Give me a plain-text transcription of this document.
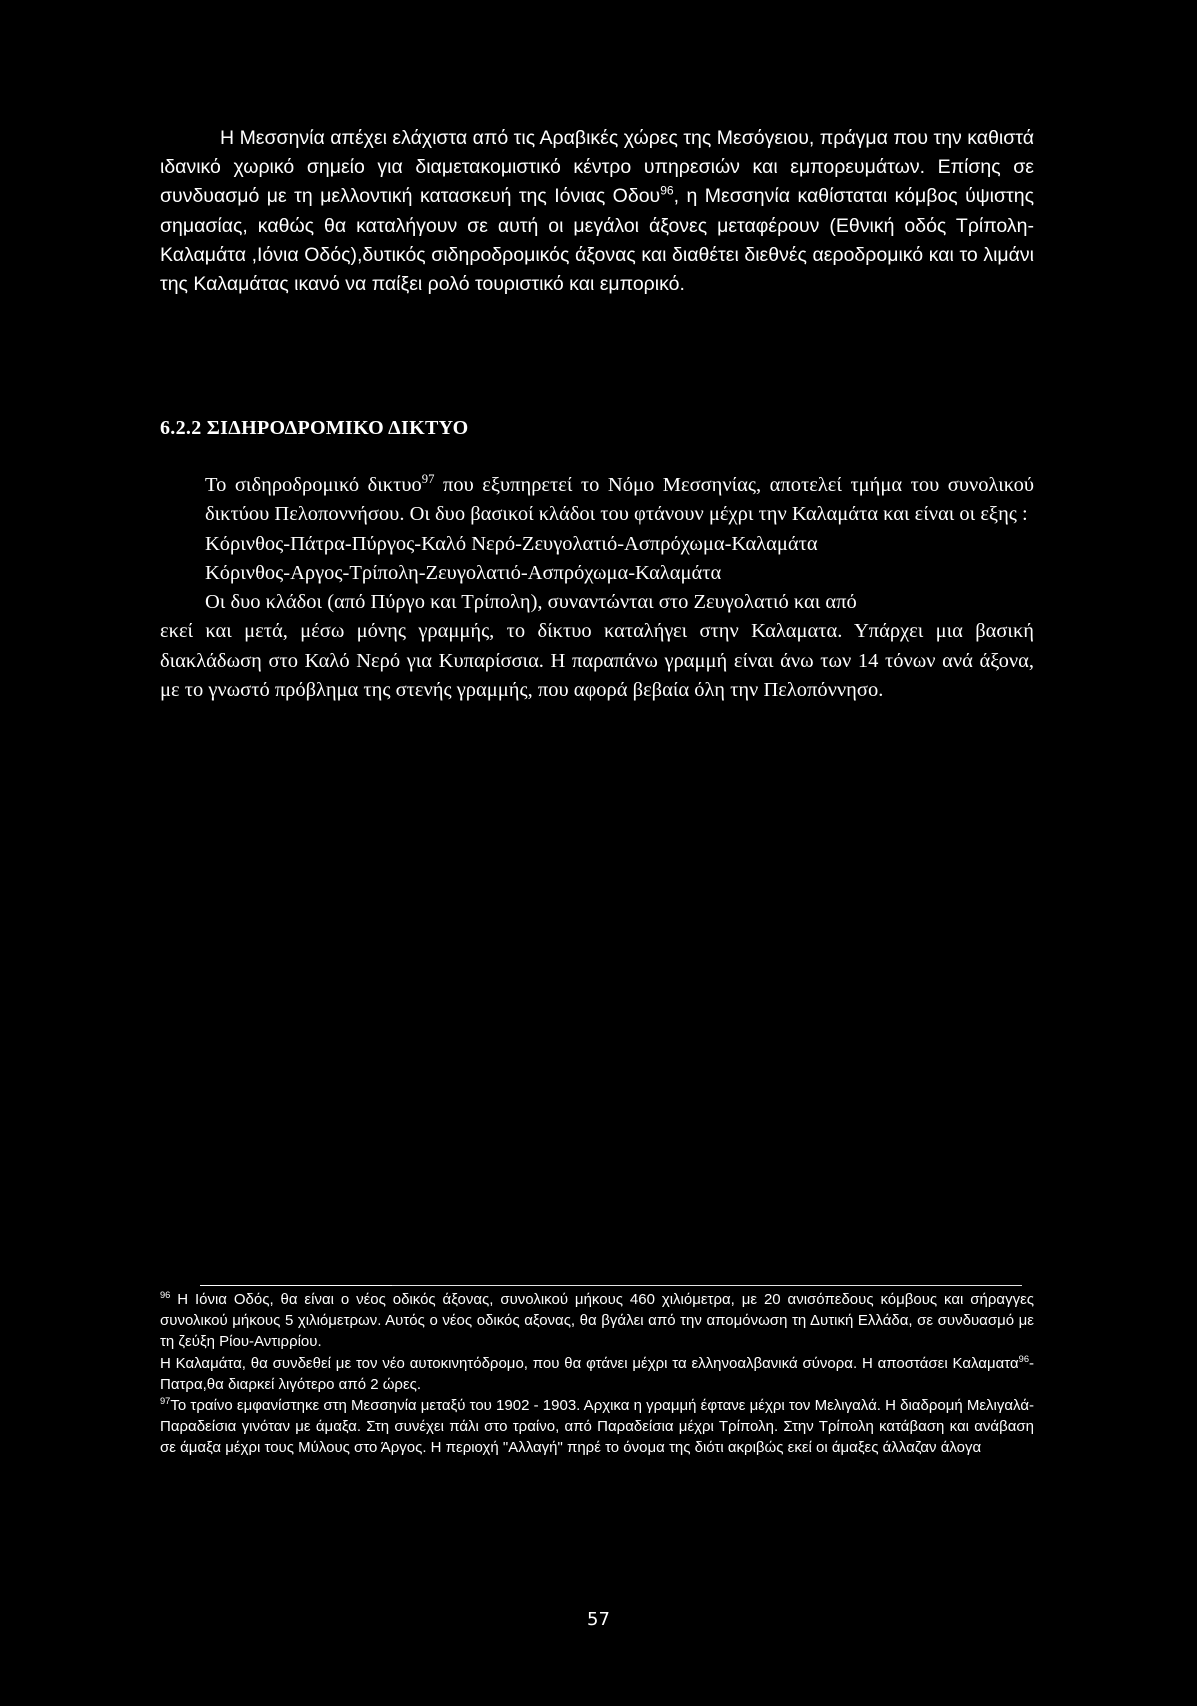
Η Μεσσηνία απέχει ελάχιστα από τις Αραβικές χώρες της Μεσόγειου, πράγμα που την καθιστά ιδανικό χωρικό σημείο για διαμετακομιστικό κέντρο υπηρεσιών και εμπορευμάτων. Επίσης σε συνδυασμό με τη μελλοντική κατασκευή της Ιόνιας Οδου$^{96}$, η Μεσσηνία καθίσταται κόμβος ύψιστης σημασίας, καθώς θα καταλήγουν σε αυτή οι μεγάλοι άξονες μεταφέρουν (Εθνική οδός Τρίπολη-Καλαμάτα ,Ιόνια Οδός),δυτικός σιδηροδρομικός άξονας και διαθέτει διεθνές αεροδρομικό και το λιμάνι της Καλαμάτας ικανό να παίξει ρολό τουριστικό και εμπορικό.
6.2.2 ΣΙΔΗΡΟΔΡΟΜΙΚΟ ΔΙΚΤΥΟ

Το σιδηροδρομικό δικτυο$^{97}$ που εξυπηρετεί το Νόμο Μεσσηνίας, αποτελεί τμήμα του συνολικού δικτύου Πελοποννήσου. Οι δυο βασικοί κλάδοι του φτάνουν μέχρι την Καλαμάτα και είναι οι εξης :

Κόρινθος-Πάτρα-Πύργος-Καλό Νερό-Ζευγολατιό-Ασπρόχωμα-Καλαμάτα

Κόρινθος-Αργος-Τρίπολη-Ζευγολατιό-Ασπρόχωμα-Καλαμάτα

Οι δυο κλάδοι (από Πύργο και Τρίπολη), συναντώνται στο Ζευγολατιό και από

εκεί και μετά, μέσω μόνης γραμμής, το δίκτυο καταλήγει στην Καλαματα. Υπάρχει μια βασική διακλάδωση στο Καλό Νερό για Κυπαρίσσια. Η παραπάνω γραμμή είναι άνω των 14 τόνων ανά άξονα, με το γνωστό πρόβλημα της στενής γραμμής, που αφορά βεβαία όλη την Πελοπόννησο.

$^{96}$ Η Ιόνια Οδός, θα είναι ο νέος οδικός άξονας, συνολικού μήκους 460 χιλιόμετρα, με 20 ανισόπεδους κόμβους και σήραγγες συνολικού μήκους 5 χιλιόμετρων. Αυτός ο νέος οδικός αξονας, θα βγάλει από την απομόνωση τη Δυτική Ελλάδα, σε συνδυασμό με τη ζεύξη Ρίου-Αντιρρίου.

Η Καλαμάτα, θα συνδεθεί με τον νέο αυτοκινητόδρομο, που θα φτάνει μέχρι τα ελληνοαλβανικά σύνορα. Η αποστάσει Καλαματα$^{96}$-Πατρα,θα διαρκεί λιγότερο από 2 ώρες.

$^{97}$Το τραίνο εμφανίστηκε στη Μεσσηνία μεταξύ του 1902 - 1903. Αρχικα η γραμμή έφτανε μέχρι τον Μελιγαλά. Η διαδρομή Μελιγαλά-Παραδείσια γινόταν με άμαξα. Στη συνέχει πάλι στο τραίνο, από Παραδείσια μέχρι Τρίπολη. Στην Τρίπολη κατάβαση και ανάβαση σε άμαξα μέχρι τους Μύλους στο Άργος. Η περιοχή "Αλλαγή" πηρέ το όνομα της διότι ακριβώς εκεί οι άμαξες άλλαζαν άλογα

57
